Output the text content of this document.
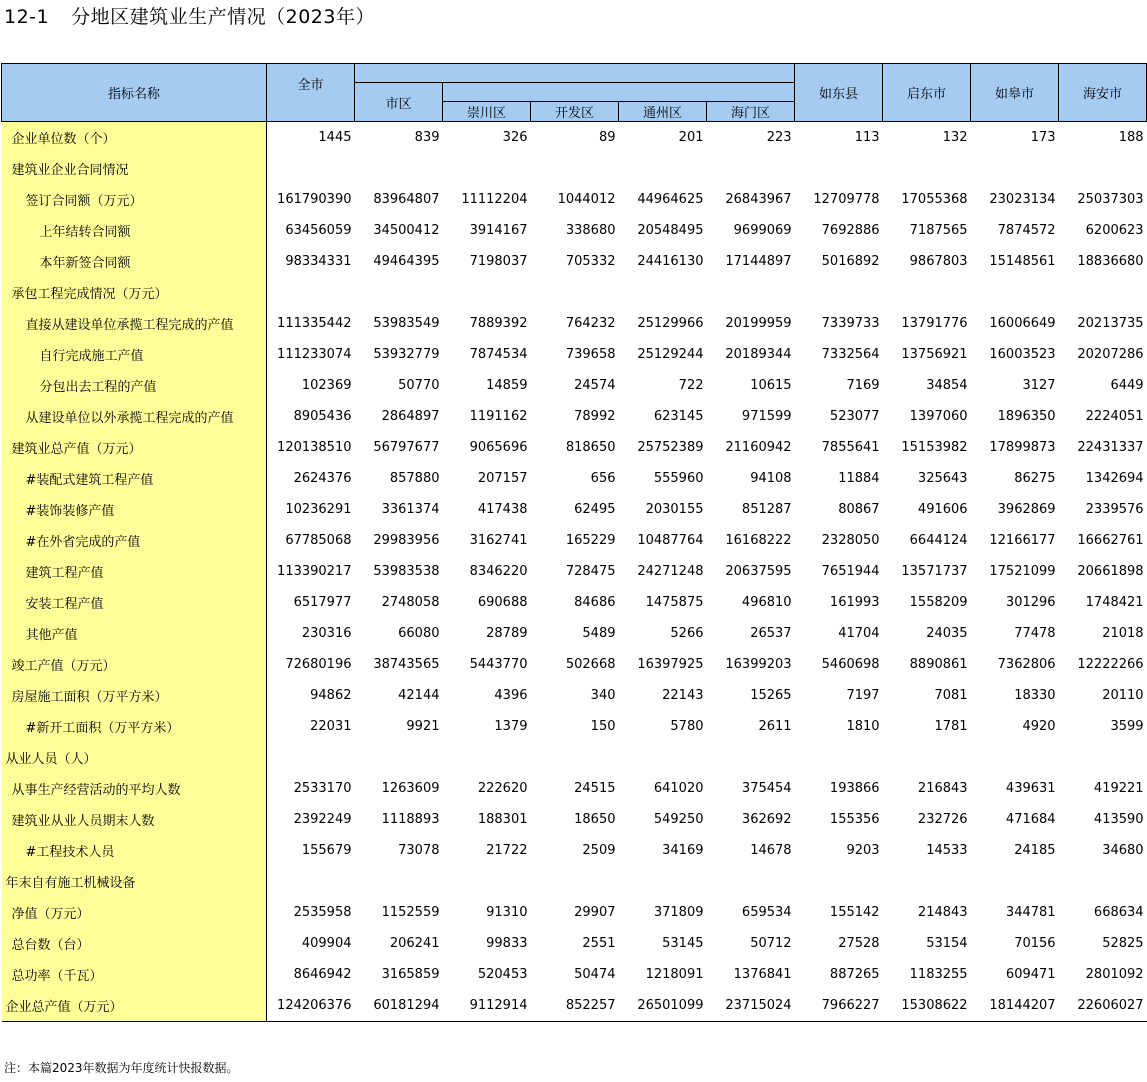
12-1 分地区建筑业生产情况（2023年）
指标名称	全市						如东县	启东市	如皋市	海安市
		市区								
			崇川区	开发区	通州区	海门区				
企业单位数（个）	1445	839	326	89	201	223	113	132	173	188
建筑业企业合同情况										
签订合同额（万元）	161790390	83964807	11112204	1044012	44964625	26843967	12709778	17055368	23023134	25037303
上年结转合同额	63456059	34500412	3914167	338680	20548495	9699069	7692886	7187565	7874572	6200623
本年新签合同额	98334331	49464395	7198037	705332	24416130	17144897	5016892	9867803	15148561	18836680
承包工程完成情况（万元）										
直接从建设单位承揽工程完成的产值	111335442	53983549	7889392	764232	25129966	20199959	7339733	13791776	16006649	20213735
自行完成施工产值	111233074	53932779	7874534	739658	25129244	20189344	7332564	13756921	16003523	20207286
分包出去工程的产值	102369	50770	14859	24574	722	10615	7169	34854	3127	6449
从建设单位以外承揽工程完成的产值	8905436	2864897	1191162	78992	623145	971599	523077	1397060	1896350	2224051
建筑业总产值（万元）	120138510	56797677	9065696	818650	25752389	21160942	7855641	15153982	17899873	22431337
#装配式建筑工程产值	2624376	857880	207157	656	555960	94108	11884	325643	86275	1342694
#装饰装修产值	10236291	3361374	417438	62495	2030155	851287	80867	491606	3962869	2339576
#在外省完成的产值	67785068	29983956	3162741	165229	10487764	16168222	2328050	6644124	12166177	16662761
建筑工程产值	113390217	53983538	8346220	728475	24271248	20637595	7651944	13571737	17521099	20661898
安装工程产值	6517977	2748058	690688	84686	1475875	496810	161993	1558209	301296	1748421
其他产值	230316	66080	28789	5489	5266	26537	41704	24035	77478	21018
竣工产值（万元）	72680196	38743565	5443770	502668	16397925	16399203	5460698	8890861	7362806	12222266
房屋施工面积（万平方米）	94862	42144	4396	340	22143	15265	7197	7081	18330	20110
#新开工面积（万平方米）	22031	9921	1379	150	5780	2611	1810	1781	4920	3599
从业人员（人）										
从事生产经营活动的平均人数	2533170	1263609	222620	24515	641020	375454	193866	216843	439631	419221
建筑业从业人员期末人数	2392249	1118893	188301	18650	549250	362692	155356	232726	471684	413590
#工程技术人员	155679	73078	21722	2509	34169	14678	9203	14533	24185	34680
年末自有施工机械设备										
净值（万元）	2535958	1152559	91310	29907	371809	659534	155142	214843	344781	668634
总台数（台）	409904	206241	99833	2551	53145	50712	27528	53154	70156	52825
总功率（千瓦）	8646942	3165859	520453	50474	1218091	1376841	887265	1183255	609471	2801092
企业总产值（万元）	124206376	60181294	9112914	852257	26501099	23715024	7966227	15308622	18144207	22606027
注：本篇2023年数据为年度统计快报数据。
